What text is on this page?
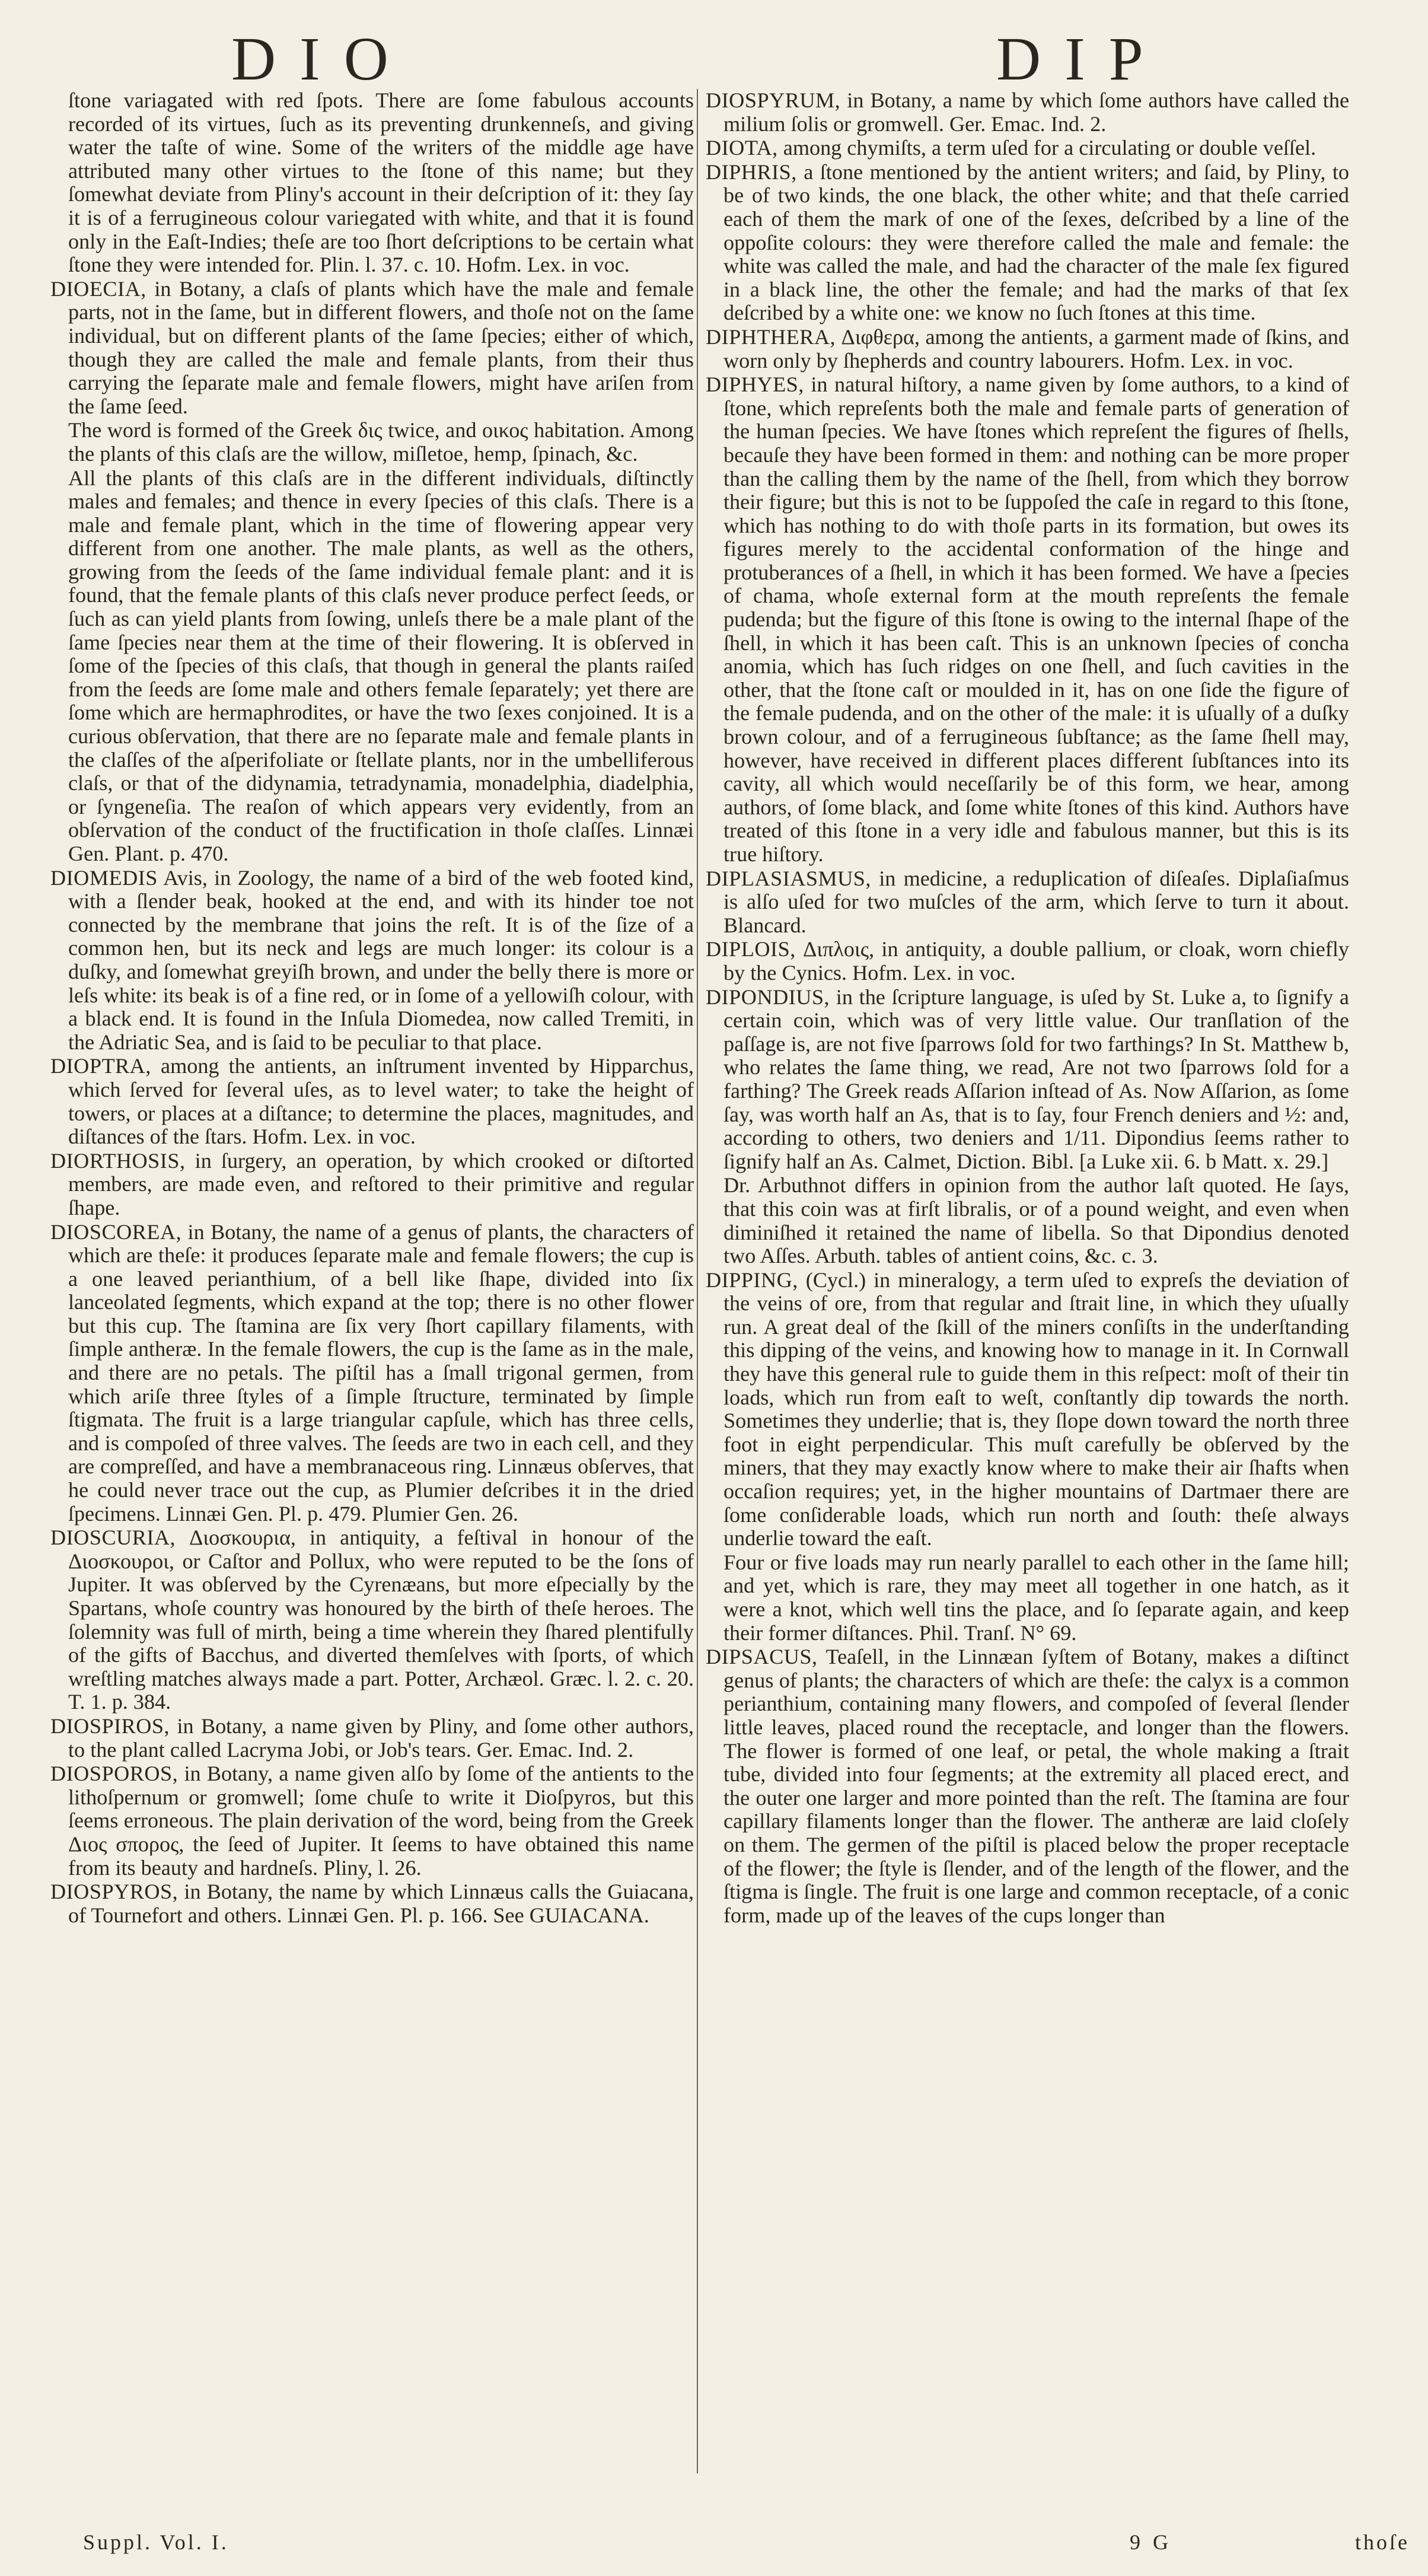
DIO	DIP

ſtone variagated with red ſpots. There are ſome fabulous accounts recorded of its virtues, ſuch as its preventing drunkenneſs, and giving water the taſte of wine. Some of the writers of the middle age have attributed many other virtues to the ſtone of this name; but they ſomewhat deviate from Pliny's account in their deſcription of it: they ſay it is of a ferrugineous colour variegated with white, and that it is found only in the Eaſt-Indies; theſe are too ſhort deſcriptions to be certain what ſtone they were intended for. Plin. l. 37. c. 10. Hofm. Lex. in voc.

DIOECIA, in Botany, a claſs of plants which have the male and female parts, not in the ſame, but in different flowers, and thoſe not on the ſame individual, but on different plants of the ſame ſpecies; either of which, though they are called the male and female plants, from their thus carrying the ſeparate male and female flowers, might have ariſen from the ſame ſeed.

The word is formed of the Greek δις twice, and οικος habitation. Among the plants of this claſs are the willow, miſletoe, hemp, ſpinach, &c.

All the plants of this claſs are in the different individuals, diſtinctly males and females; and thence in every ſpecies of this claſs. There is a male and female plant, which in the time of flowering appear very different from one another. The male plants, as well as the others, growing from the ſeeds of the ſame individual female plant: and it is found, that the female plants of this claſs never produce perfect ſeeds, or ſuch as can yield plants from ſowing, unleſs there be a male plant of the ſame ſpecies near them at the time of their flowering. It is obſerved in ſome of the ſpecies of this claſs, that though in general the plants raiſed from the ſeeds are ſome male and others female ſeparately; yet there are ſome which are hermaphrodites, or have the two ſexes conjoined. It is a curious obſervation, that there are no ſeparate male and female plants in the claſſes of the aſperifoliate or ſtellate plants, nor in the umbelliferous claſs, or that of the didynamia, tetradynamia, monadelphia, diadelphia, or ſyngeneſia. The reaſon of which appears very evidently, from an obſervation of the conduct of the fructification in thoſe claſſes. Linnæi Gen. Plant. p. 470.

DIOMEDIS Avis, in Zoology, the name of a bird of the web footed kind, with a ſlender beak, hooked at the end, and with its hinder toe not connected by the membrane that joins the reſt. It is of the ſize of a common hen, but its neck and legs are much longer: its colour is a duſky, and ſomewhat greyiſh brown, and under the belly there is more or leſs white: its beak is of a fine red, or in ſome of a yellowiſh colour, with a black end. It is found in the Inſula Diomedea, now called Tremiti, in the Adriatic Sea, and is ſaid to be peculiar to that place.

DIOPTRA, among the antients, an inſtrument invented by Hipparchus, which ſerved for ſeveral uſes, as to level water; to take the height of towers, or places at a diſtance; to determine the places, magnitudes, and diſtances of the ſtars. Hofm. Lex. in voc.

DIORTHOSIS, in ſurgery, an operation, by which crooked or diſtorted members, are made even, and reſtored to their primitive and regular ſhape.

DIOSCOREA, in Botany, the name of a genus of plants, the characters of which are theſe: it produces ſeparate male and female flowers; the cup is a one leaved perianthium, of a bell like ſhape, divided into ſix lanceolated ſegments, which expand at the top; there is no other flower but this cup. The ſtamina are ſix very ſhort capillary filaments, with ſimple antheræ. In the female flowers, the cup is the ſame as in the male, and there are no petals. The piſtil has a ſmall trigonal germen, from which ariſe three ſtyles of a ſimple ſtructure, terminated by ſimple ſtigmata. The fruit is a large triangular capſule, which has three cells, and is compoſed of three valves. The ſeeds are two in each cell, and they are compreſſed, and have a membranaceous ring. Linnæus obſerves, that he could never trace out the cup, as Plumier deſcribes it in the dried ſpecimens. Linnæi Gen. Pl. p. 479. Plumier Gen. 26.

DIOSCURIA, Διοσκουρια, in antiquity, a feſtival in honour of the Διοσκουροι, or Caſtor and Pollux, who were reputed to be the ſons of Jupiter. It was obſerved by the Cyrenæans, but more eſpecially by the Spartans, whoſe country was honoured by the birth of theſe heroes. The ſolemnity was full of mirth, being a time wherein they ſhared plentifully of the gifts of Bacchus, and diverted themſelves with ſports, of which wreſtling matches always made a part. Potter, Archæol. Græc. l. 2. c. 20. T. 1. p. 384.

DIOSPIROS, in Botany, a name given by Pliny, and ſome other authors, to the plant called Lacryma Jobi, or Job's tears. Ger. Emac. Ind. 2.

DIOSPOROS, in Botany, a name given alſo by ſome of the antients to the lithoſpernum or gromwell; ſome chuſe to write it Dioſpyros, but this ſeems erroneous. The plain derivation of the word, being from the Greek Διος σπορος, the ſeed of Jupiter. It ſeems to have obtained this name from its beauty and hardneſs. Pliny, l. 26.

DIOSPYROS, in Botany, the name by which Linnæus calls the Guiacana, of Tournefort and others. Linnæi Gen. Pl. p. 166. See GUIACANA.

DIOSPYRUM, in Botany, a name by which ſome authors have called the milium ſolis or gromwell. Ger. Emac. Ind. 2.

DIOTA, among chymiſts, a term uſed for a circulating or double veſſel.

DIPHRIS, a ſtone mentioned by the antient writers; and ſaid, by Pliny, to be of two kinds, the one black, the other white; and that theſe carried each of them the mark of one of the ſexes, deſcribed by a line of the oppoſite colours: they were therefore called the male and female: the white was called the male, and had the character of the male ſex figured in a black line, the other the female; and had the marks of that ſex deſcribed by a white one: we know no ſuch ſtones at this time.

DIPHTHERA, Διφθερα, among the antients, a garment made of ſkins, and worn only by ſhepherds and country labourers. Hofm. Lex. in voc.

DIPHYES, in natural hiſtory, a name given by ſome authors, to a kind of ſtone, which repreſents both the male and female parts of generation of the human ſpecies. We have ſtones which repreſent the figures of ſhells, becauſe they have been formed in them: and nothing can be more proper than the calling them by the name of the ſhell, from which they borrow their figure; but this is not to be ſuppoſed the caſe in regard to this ſtone, which has nothing to do with thoſe parts in its formation, but owes its figures merely to the accidental conformation of the hinge and protuberances of a ſhell, in which it has been formed. We have a ſpecies of chama, whoſe external form at the mouth repreſents the female pudenda; but the figure of this ſtone is owing to the internal ſhape of the ſhell, in which it has been caſt. This is an unknown ſpecies of concha anomia, which has ſuch ridges on one ſhell, and ſuch cavities in the other, that the ſtone caſt or moulded in it, has on one ſide the figure of the female pudenda, and on the other of the male: it is uſually of a duſky brown colour, and of a ferrugineous ſubſtance; as the ſame ſhell may, however, have received in different places different ſubſtances into its cavity, all which would neceſſarily be of this form, we hear, among authors, of ſome black, and ſome white ſtones of this kind. Authors have treated of this ſtone in a very idle and fabulous manner, but this is its true hiſtory.

DIPLASIASMUS, in medicine, a reduplication of diſeaſes. Diplaſiaſmus is alſo uſed for two muſcles of the arm, which ſerve to turn it about. Blancard.

DIPLOIS, Διπλοις, in antiquity, a double pallium, or cloak, worn chiefly by the Cynics. Hofm. Lex. in voc.

DIPONDIUS, in the ſcripture language, is uſed by St. Luke a, to ſignify a certain coin, which was of very little value. Our tranſlation of the paſſage is, are not five ſparrows ſold for two farthings? In St. Matthew b, who relates the ſame thing, we read, Are not two ſparrows ſold for a farthing? The Greek reads Aſſarion inſtead of As. Now Aſſarion, as ſome ſay, was worth half an As, that is to ſay, four French deniers and ½: and, according to others, two deniers and 1/11. Dipondius ſeems rather to ſignify half an As. Calmet, Diction. Bibl. [a Luke xii. 6. b Matt. x. 29.]

Dr. Arbuthnot differs in opinion from the author laſt quoted. He ſays, that this coin was at firſt libralis, or of a pound weight, and even when diminiſhed it retained the name of libella. So that Dipondius denoted two Aſſes. Arbuth. tables of antient coins, &c. c. 3.

DIPPING, (Cycl.) in mineralogy, a term uſed to expreſs the deviation of the veins of ore, from that regular and ſtrait line, in which they uſually run. A great deal of the ſkill of the miners conſiſts in the underſtanding this dipping of the veins, and knowing how to manage in it. In Cornwall they have this general rule to guide them in this reſpect: moſt of their tin loads, which run from eaſt to weſt, conſtantly dip towards the north. Sometimes they underlie; that is, they ſlope down toward the north three foot in eight perpendicular. This muſt carefully be obſerved by the miners, that they may exactly know where to make their air ſhafts when occaſion requires; yet, in the higher mountains of Dartmaer there are ſome conſiderable loads, which run north and ſouth: theſe always underlie toward the eaſt.

Four or five loads may run nearly parallel to each other in the ſame hill; and yet, which is rare, they may meet all together in one hatch, as it were a knot, which well tins the place, and ſo ſeparate again, and keep their former diſtances. Phil. Tranſ. N° 69.

DIPSACUS, Teaſell, in the Linnæan ſyſtem of Botany, makes a diſtinct genus of plants; the characters of which are theſe: the calyx is a common perianthium, containing many flowers, and compoſed of ſeveral ſlender little leaves, placed round the receptacle, and longer than the flowers. The flower is formed of one leaf, or petal, the whole making a ſtrait tube, divided into four ſegments; at the extremity all placed erect, and the outer one larger and more pointed than the reſt. The ſtamina are four capillary filaments longer than the flower. The antheræ are laid cloſely on them. The germen of the piſtil is placed below the proper receptacle of the flower; the ſtyle is ſlender, and of the length of the flower, and the ſtigma is ſingle. The fruit is one large and common receptacle, of a conic form, made up of the leaves of the cups longer than

Suppl. Vol. I.	9 G	thoſe
